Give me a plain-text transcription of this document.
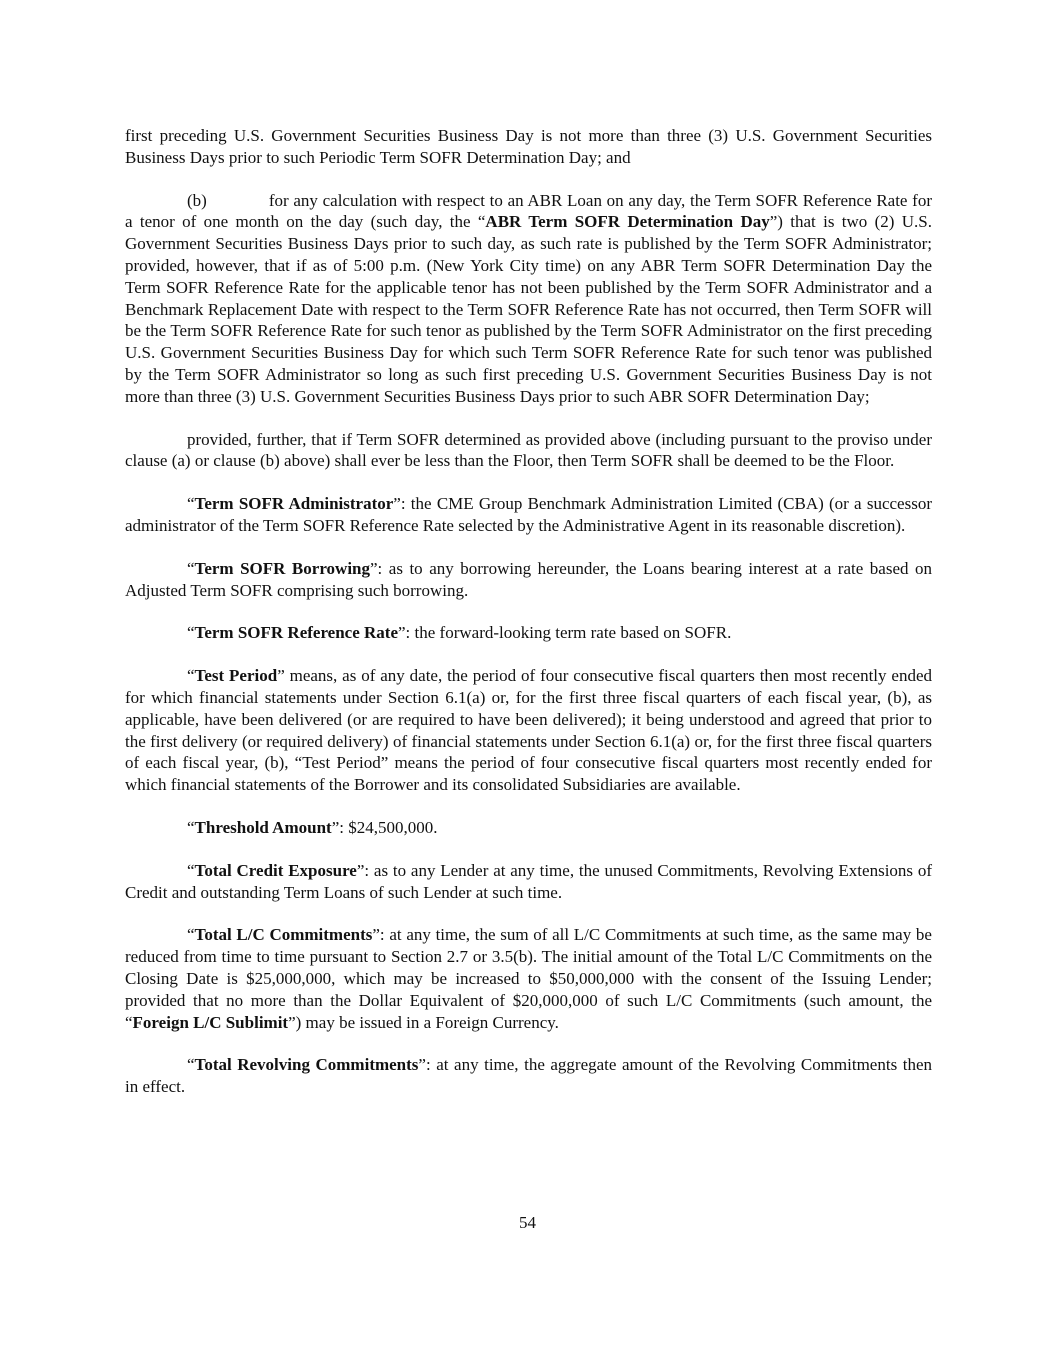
first preceding U.S. Government Securities Business Day is not more than three (3) U.S. Government Securities Business Days prior to such Periodic Term SOFR Determination Day; and

(b)	for any calculation with respect to an ABR Loan on any day, the Term SOFR Reference Rate for a tenor of one month on the day (such day, the “ABR Term SOFR Determination Day”) that is two (2) U.S. Government Securities Business Days prior to such day, as such rate is published by the Term SOFR Administrator; provided, however, that if as of 5:00 p.m. (New York City time) on any ABR Term SOFR Determination Day the Term SOFR Reference Rate for the applicable tenor has not been published by the Term SOFR Administrator and a Benchmark Replacement Date with respect to the Term SOFR Reference Rate has not occurred, then Term SOFR will be the Term SOFR Reference Rate for such tenor as published by the Term SOFR Administrator on the first preceding U.S. Government Securities Business Day for which such Term SOFR Reference Rate for such tenor was published by the Term SOFR Administrator so long as such first preceding U.S. Government Securities Business Day is not more than three (3) U.S. Government Securities Business Days prior to such ABR SOFR Determination Day;

provided, further, that if Term SOFR determined as provided above (including pursuant to the proviso under clause (a) or clause (b) above) shall ever be less than the Floor, then Term SOFR shall be deemed to be the Floor.

“Term SOFR Administrator”: the CME Group Benchmark Administration Limited (CBA) (or a successor administrator of the Term SOFR Reference Rate selected by the Administrative Agent in its reasonable discretion).

“Term SOFR Borrowing”: as to any borrowing hereunder, the Loans bearing interest at a rate based on Adjusted Term SOFR comprising such borrowing.

“Term SOFR Reference Rate”: the forward-looking term rate based on SOFR.

“Test Period” means, as of any date, the period of four consecutive fiscal quarters then most recently ended for which financial statements under Section 6.1(a) or, for the first three fiscal quarters of each fiscal year, (b), as applicable, have been delivered (or are required to have been delivered); it being understood and agreed that prior to the first delivery (or required delivery) of financial statements under Section 6.1(a) or, for the first three fiscal quarters of each fiscal year, (b), “Test Period” means the period of four consecutive fiscal quarters most recently ended for which financial statements of the Borrower and its consolidated Subsidiaries are available.

“Threshold Amount”: $24,500,000.

“Total Credit Exposure”: as to any Lender at any time, the unused Commitments, Revolving Extensions of Credit and outstanding Term Loans of such Lender at such time.

“Total L/C Commitments”: at any time, the sum of all L/C Commitments at such time, as the same may be reduced from time to time pursuant to Section 2.7 or 3.5(b). The initial amount of the Total L/C Commitments on the Closing Date is $25,000,000, which may be increased to $50,000,000 with the consent of the Issuing Lender; provided that no more than the Dollar Equivalent of $20,000,000 of such L/C Commitments (such amount, the “Foreign L/C Sublimit”) may be issued in a Foreign Currency.

“Total Revolving Commitments”: at any time, the aggregate amount of the Revolving Commitments then in effect.

54
